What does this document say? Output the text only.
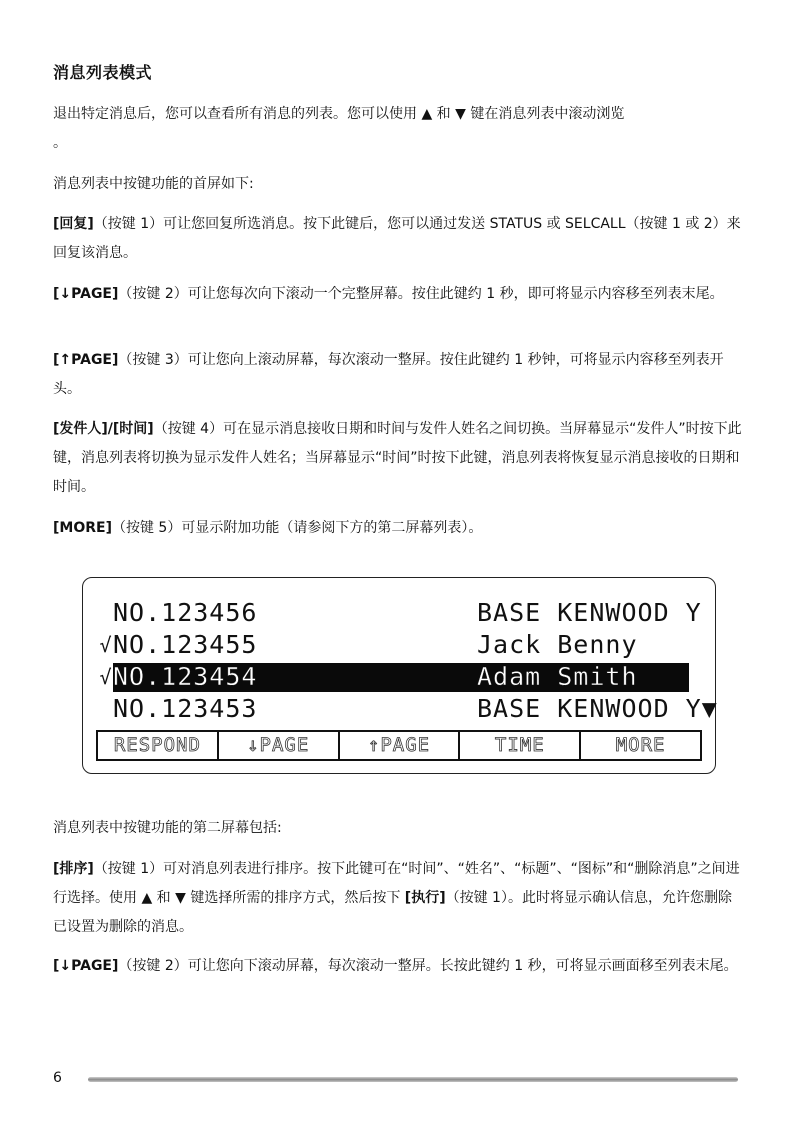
消息列表模式

退出特定消息后，您可以查看所有消息的列表。您可以使用 ▲ 和 ▼ 键在消息列表中滚动浏览
。

消息列表中按键功能的首屏如下:

[回复]（按键 1）可让您回复所选消息。按下此键后，您可以通过发送 STATUS 或 SELCALL（按键 1 或 2）来回复该消息。

[↓PAGE]（按键 2）可让您每次向下滚动一个完整屏幕。按住此键约 1 秒，即可将显示内容移至列表末尾。

[↑PAGE]（按键 3）可让您向上滚动屏幕，每次滚动一整屏。按住此键约 1 秒钟，可将显示内容移至列表开头。

[发件人]/[时间]（按键 4）可在显示消息接收日期和时间与发件人姓名之间切换。当屏幕显示“发件人”时按下此键，消息列表将切换为显示发件人姓名；当屏幕显示“时间”时按下此键，消息列表将恢复显示消息接收的日期和时间。

[MORE]（按键 5）可显示附加功能（请参阅下方的第二屏幕列表）。

NO.123456	BASE KENWOOD Y
√ NO.123455	Jack Benny
√ NO.123454	Adam Smith
NO.123453	BASE KENWOOD Y▼
RESPOND	↓PAGE	↑PAGE	TIME	MORE

消息列表中按键功能的第二屏幕包括:

[排序]（按键 1）可对消息列表进行排序。按下此键可在“时间”、“姓名”、“标题”、“图标”和“删除消息”之间进行选择。使用 ▲ 和 ▼ 键选择所需的排序方式，然后按下 [执行]（按键 1）。此时将显示确认信息，允许您删除已设置为删除的消息。

[↓PAGE]（按键 2）可让您向下滚动屏幕，每次滚动一整屏。长按此键约 1 秒，可将显示画面移至列表末尾。

6
